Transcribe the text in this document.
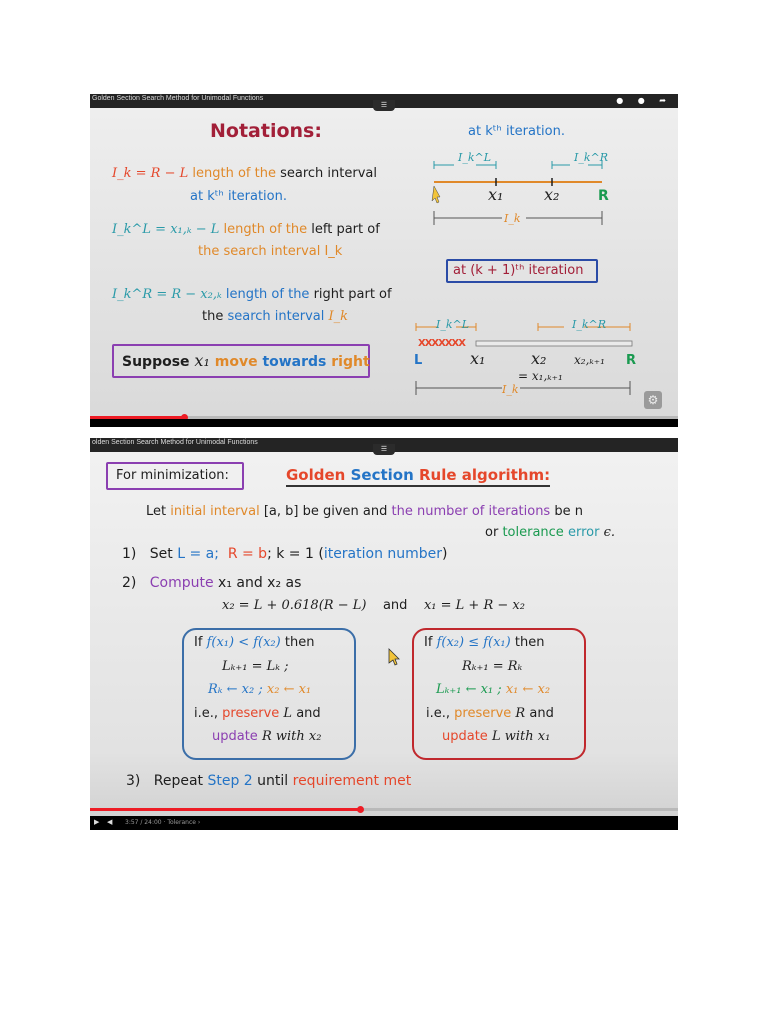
Golden Section Search Method for Unimodal Functions	● ● ➦
☰
Notations:	at kᵗʰ iteration.
I_k = R − L length of the search interval
at kᵗʰ iteration.
I_k^L = x₁,ₖ − L length of the left part of
the search interval I_k
I_k^R = R − x₂,ₖ length of the right part of
the search interval I_k
Suppose x₁ move towards right
I_k^L	I_k^R
x₁	x₂	R
I_k
at (k + 1)ᵗʰ iteration
I_k^L	I_k^R
XXXXXXX
L	x₁	x₂ x₂,ₖ₊₁ R
= x₁,ₖ₊₁
I_k
⚙
olden Section Search Method for Unimodal Functions
☰
For minimization:	Golden Section Rule algorithm:
Let initial interval [a, b] be given and the number of iterations be n
or tolerance error ϵ.
1) Set L = a; R = b; k = 1 (iteration number)
2) Compute x₁ and x₂ as
x₂ = L + 0.618(R − L) and x₁ = L + R − x₂
If f(x₁) < f(x₂) then
Lₖ₊₁ = Lₖ ;
Rₖ ← x₂ ; x₂ ← x₁
i.e., preserve L and
update R with x₂
If f(x₂) ≤ f(x₁) then
Rₖ₊₁ = Rₖ
Lₖ₊₁ ← x₁ ; x₁ ← x₂
i.e., preserve R and
update L with x₁
3) Repeat Step 2 until requirement met
▶ ◀ 3:57 / 24:00 · Tolerance ›
